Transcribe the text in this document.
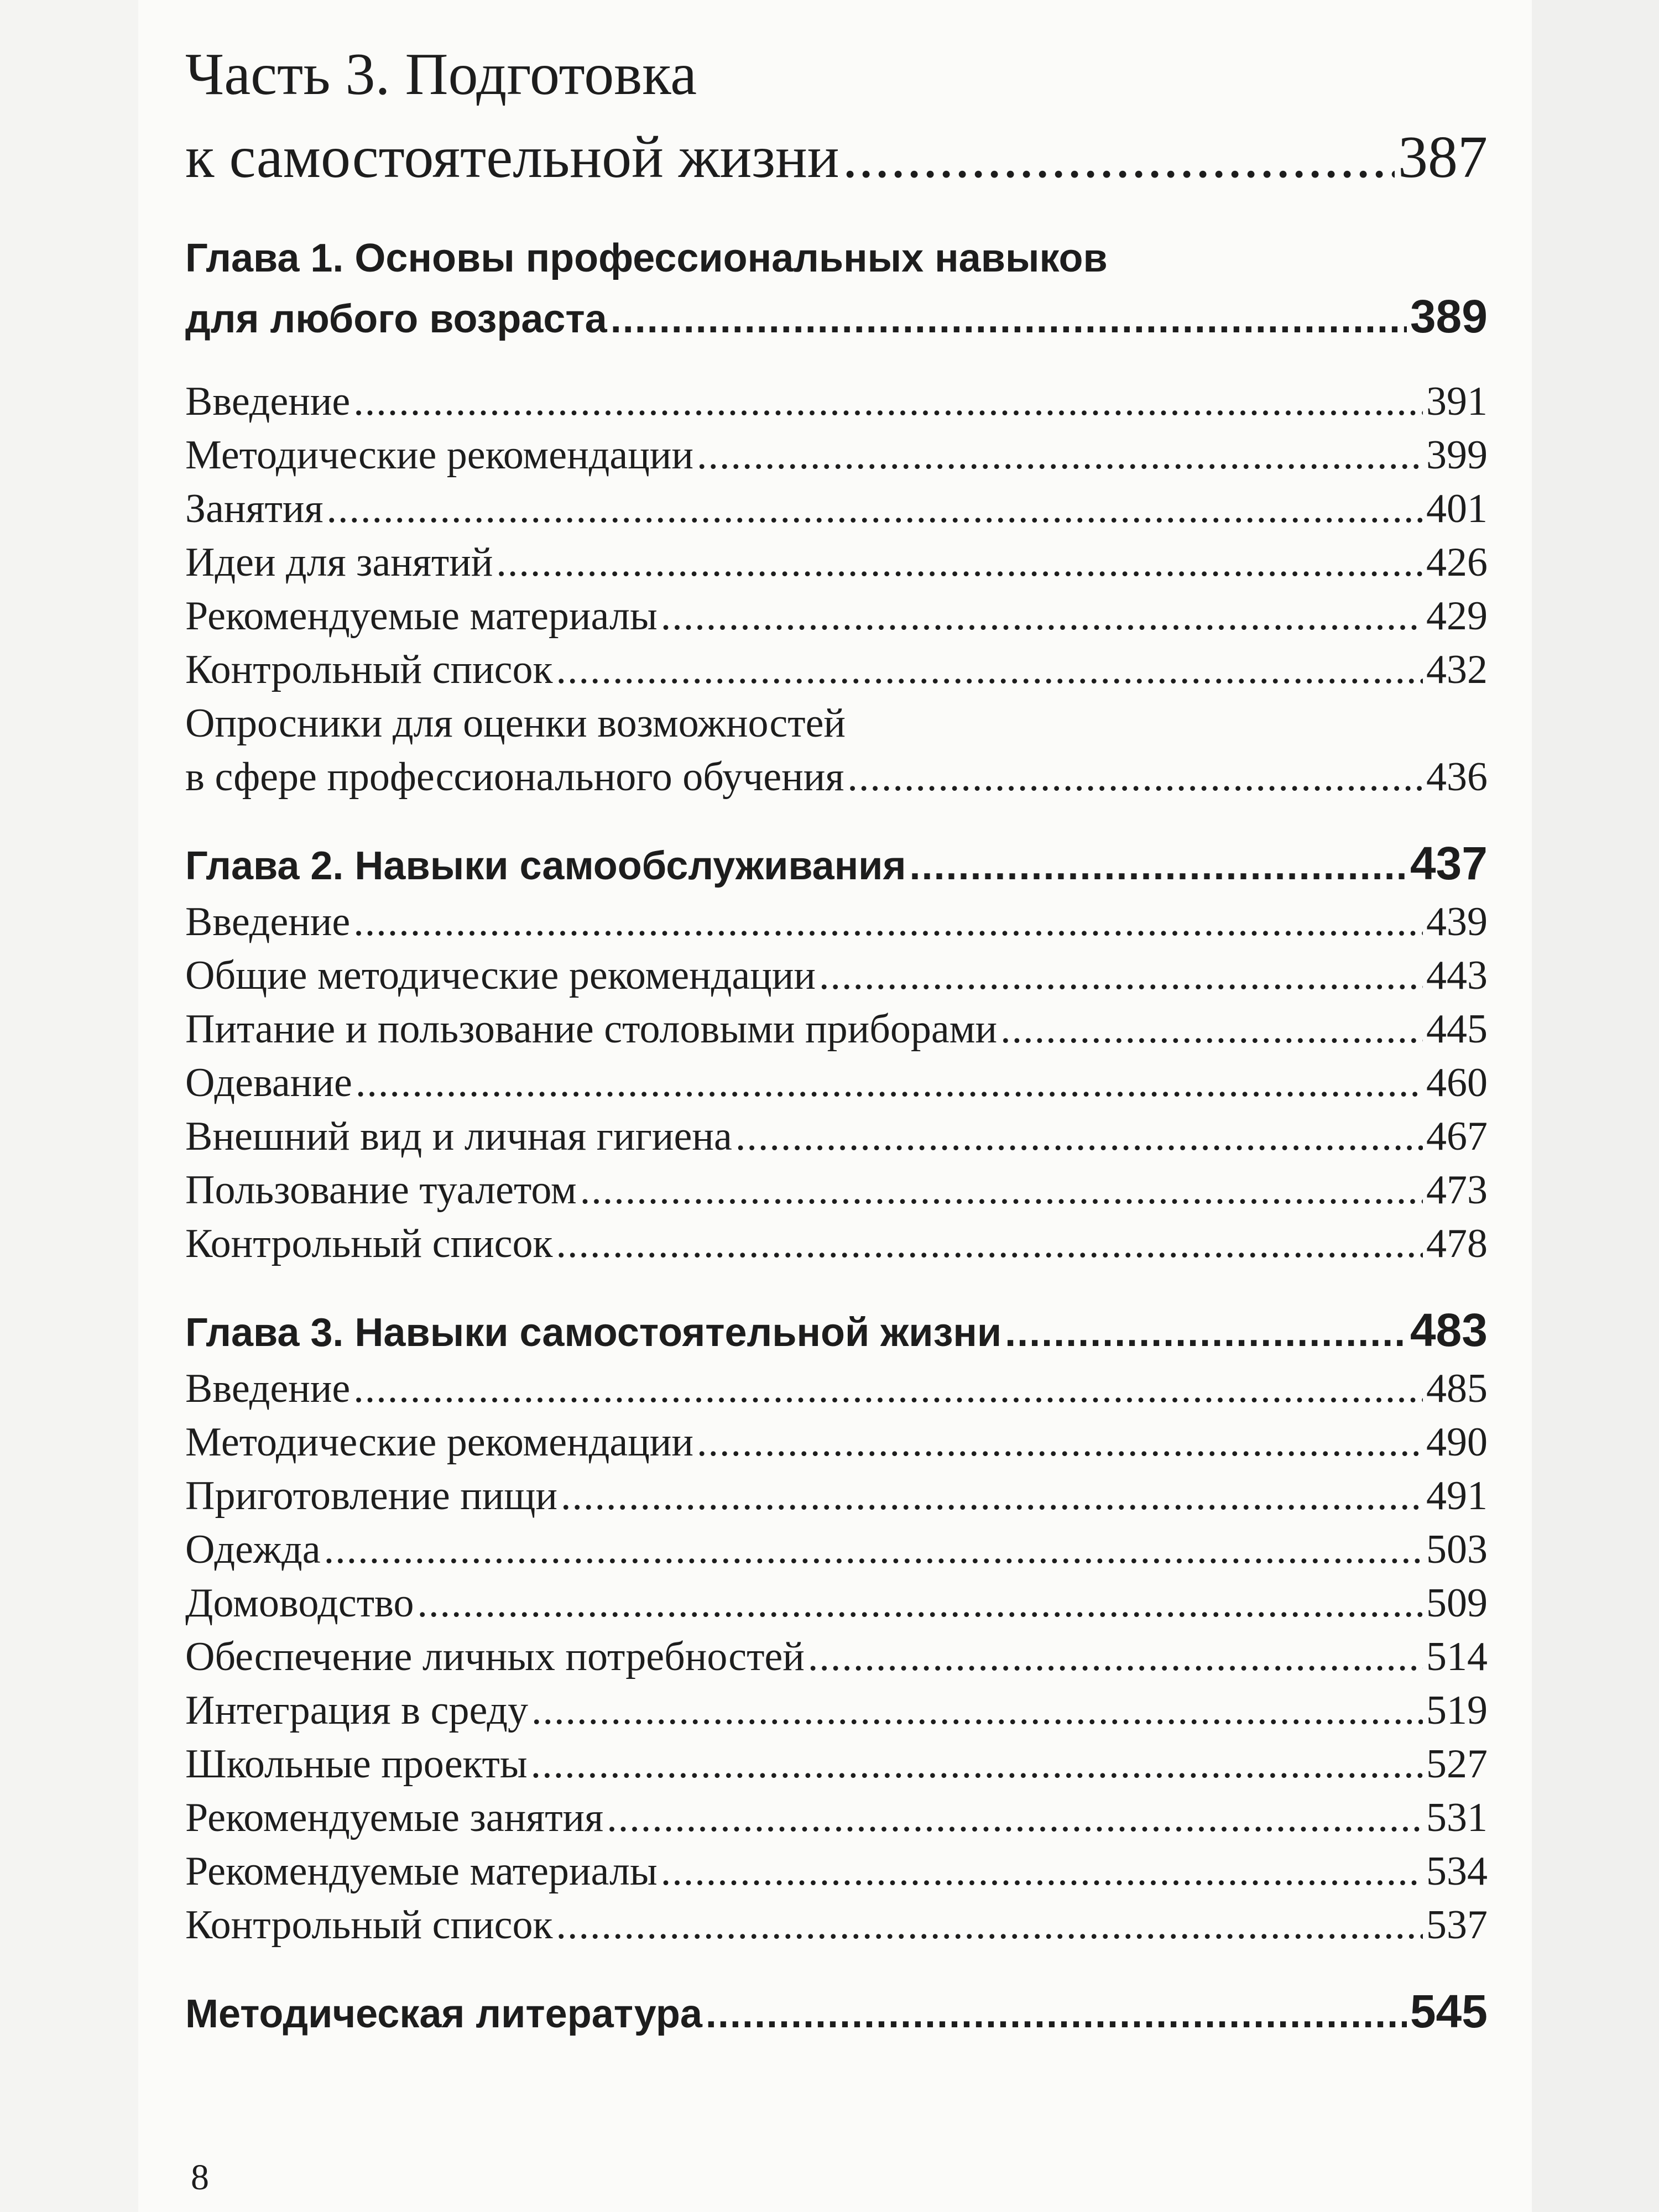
Часть 3. Подготовка
к самостоятельной жизни .....	387
Глава 1. Основы профессиональных навыков
для любого возраста .....	389
Введение .....	391
Методические рекомендации .....	399
Занятия .....	401
Идеи для занятий .....	426
Рекомендуемые материалы .....	429
Контрольный список .....	432
Опросники для оценки возможностей
в сфере профессионального обучения .....	436
Глава 2. Навыки самообслуживания .....	437
Введение .....	439
Общие методические рекомендации .....	443
Питание и пользование столовыми приборами .....	445
Одевание .....	460
Внешний вид и личная гигиена .....	467
Пользование туалетом .....	473
Контрольный список .....	478
Глава 3. Навыки самостоятельной жизни .....	483
Введение .....	485
Методические рекомендации .....	490
Приготовление пищи .....	491
Одежда .....	503
Домоводство .....	509
Обеспечение личных потребностей .....	514
Интеграция в среду .....	519
Школьные проекты .....	527
Рекомендуемые занятия .....	531
Рекомендуемые материалы .....	534
Контрольный список .....	537
Методическая литература .....	545
8
